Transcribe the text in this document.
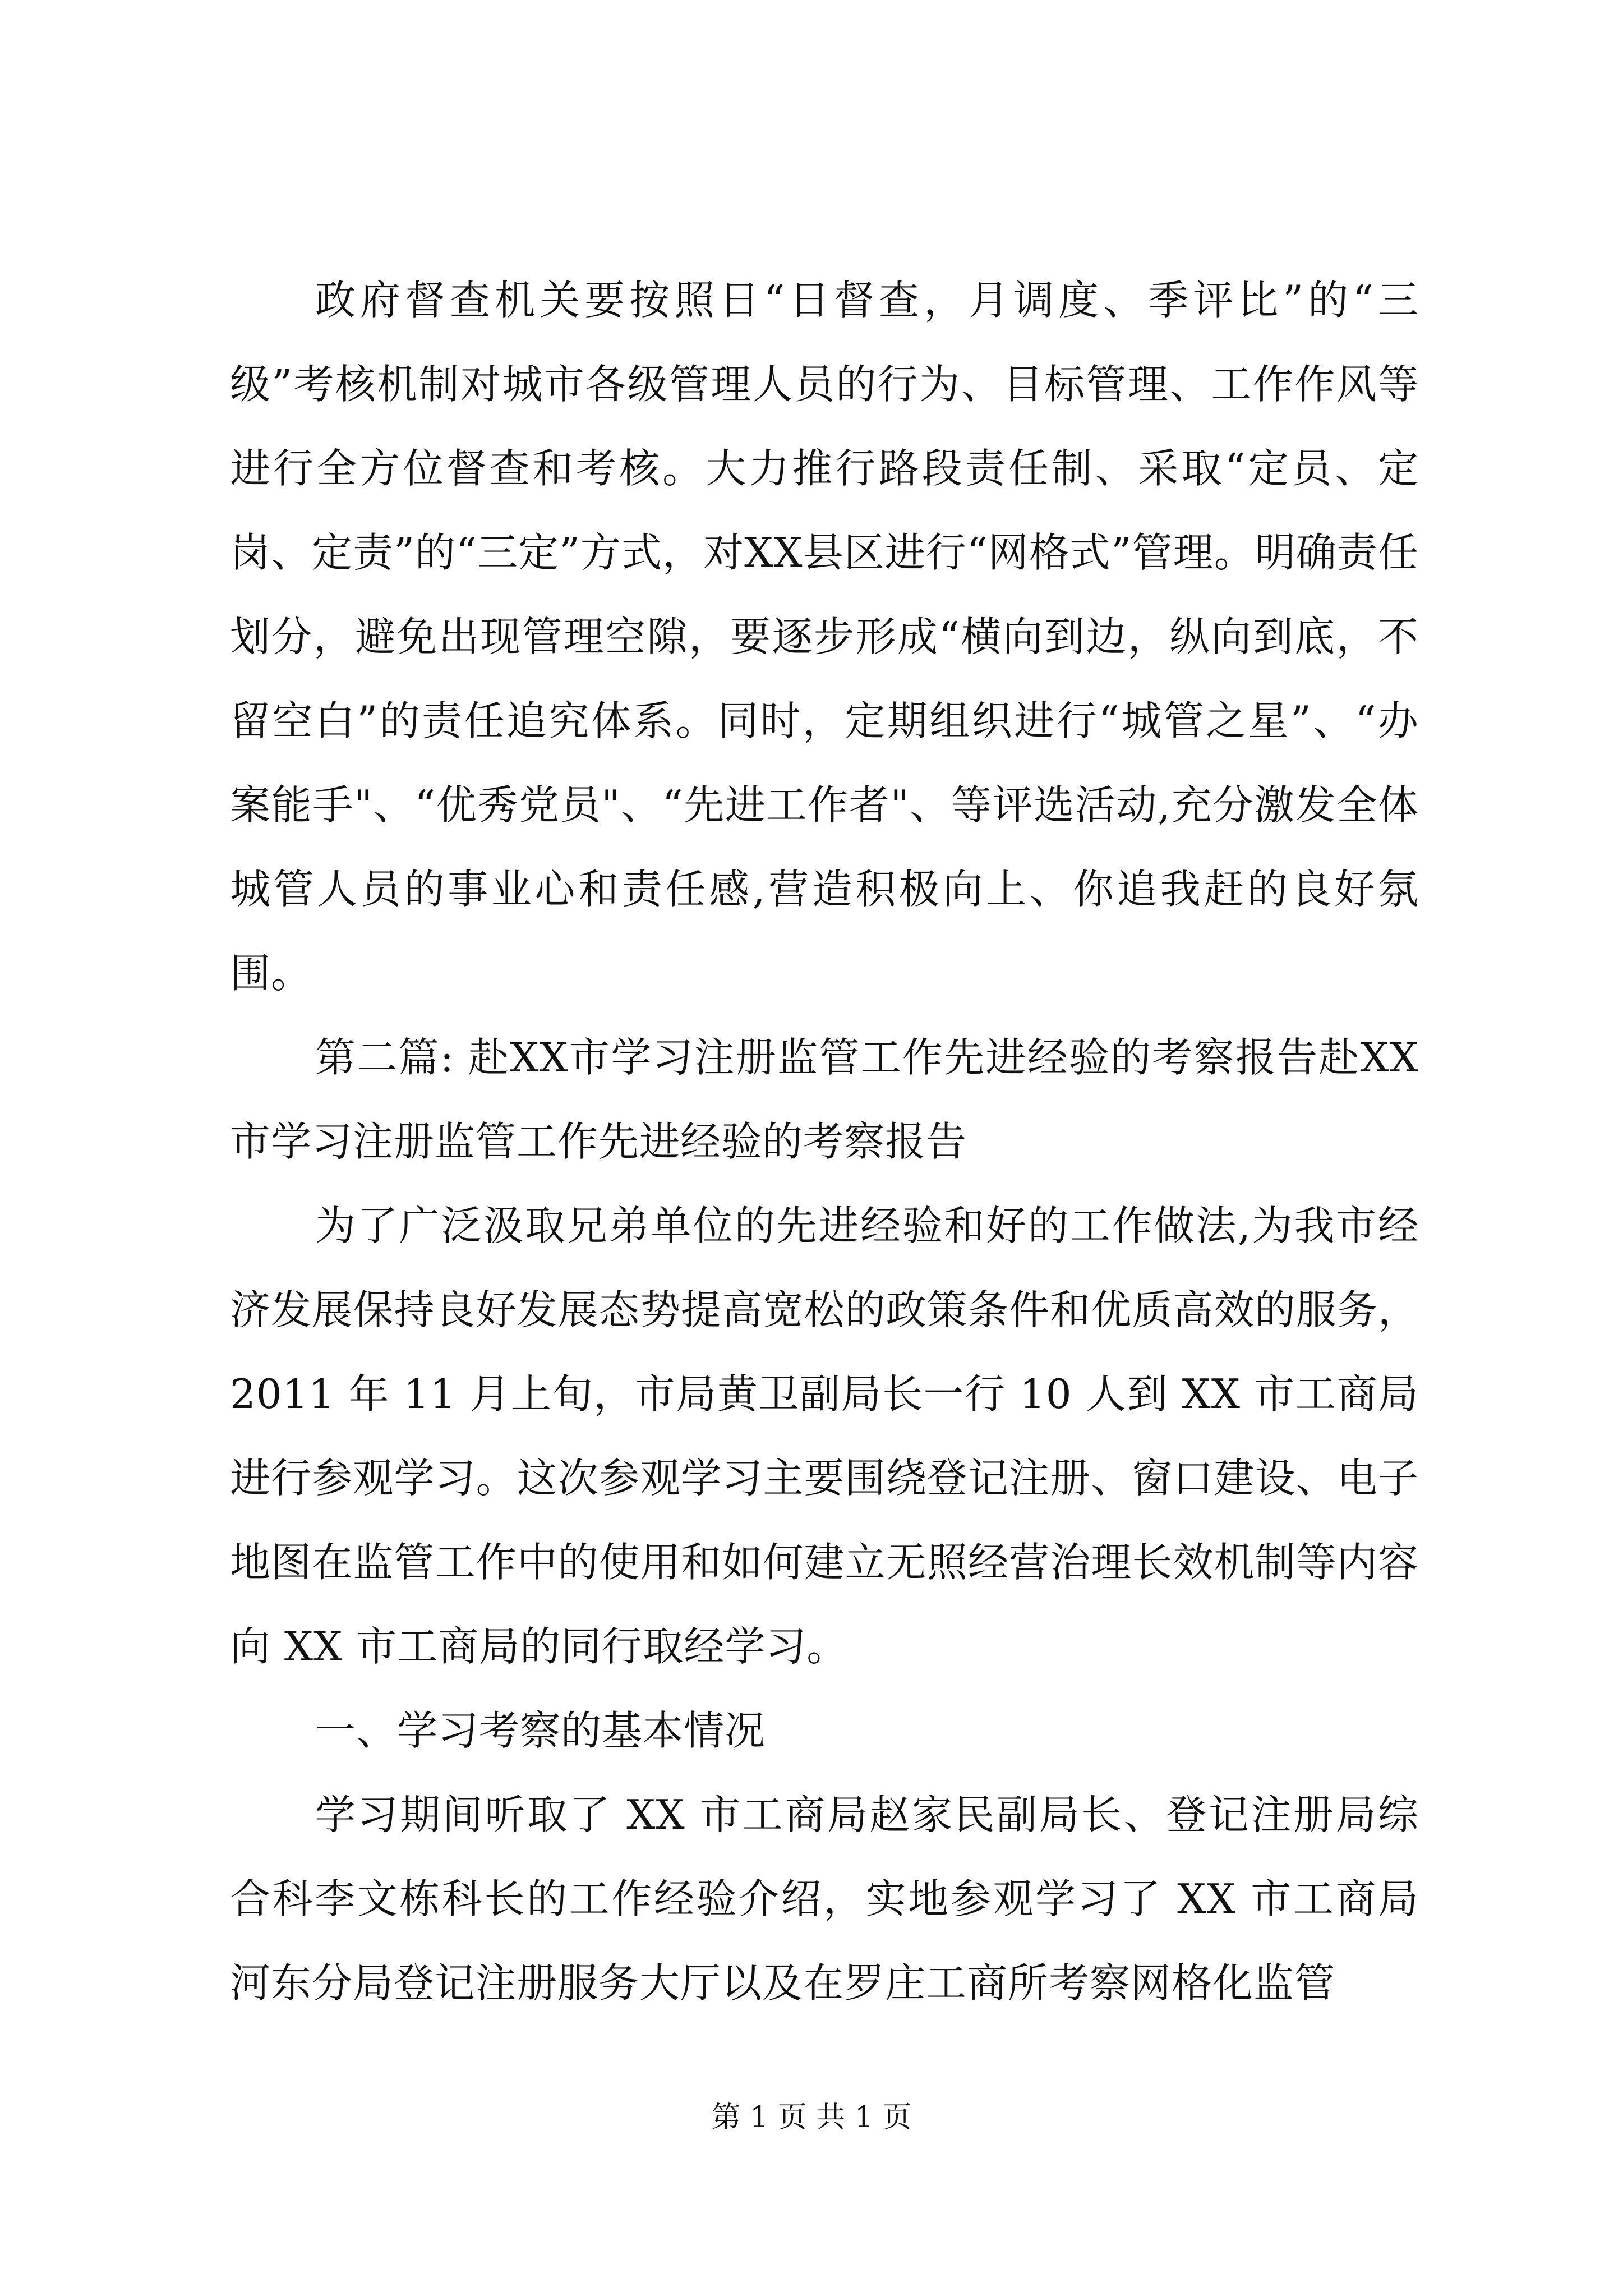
政府督查机关要按照日“日督查，月调度、季评比”的“三级”考核机制对城市各级管理人员的行为、目标管理、工作作风等进行全方位督查和考核。大力推行路段责任制、采取“定员、定岗、定责”的“三定”方式，对XX县区进行“网格式”管理。明确责任划分，避免出现管理空隙，要逐步形成“横向到边，纵向到底，不留空白”的责任追究体系。同时，定期组织进行“城管之星”、“办案能手"、“优秀党员"、“先进工作者"、等评选活动,充分激发全体城管人员的事业心和责任感,营造积极向上、你追我赶的良好氛围。

第二篇: 赴XX市学习注册监管工作先进经验的考察报告赴XX市学习注册监管工作先进经验的考察报告

为了广泛汲取兄弟单位的先进经验和好的工作做法,为我市经济发展保持良好发展态势提高宽松的政策条件和优质高效的服务，2011 年 11 月上旬，市局黄卫副局长一行 10 人到 XX 市工商局进行参观学习。这次参观学习主要围绕登记注册、窗口建设、电子地图在监管工作中的使用和如何建立无照经营治理长效机制等内容向 XX 市工商局的同行取经学习。

一、学习考察的基本情况

学习期间听取了 XX 市工商局赵家民副局长、登记注册局综合科李文栋科长的工作经验介绍，实地参观学习了 XX 市工商局河东分局登记注册服务大厅以及在罗庄工商所考察网格化监管

第 1 页 共 1 页
